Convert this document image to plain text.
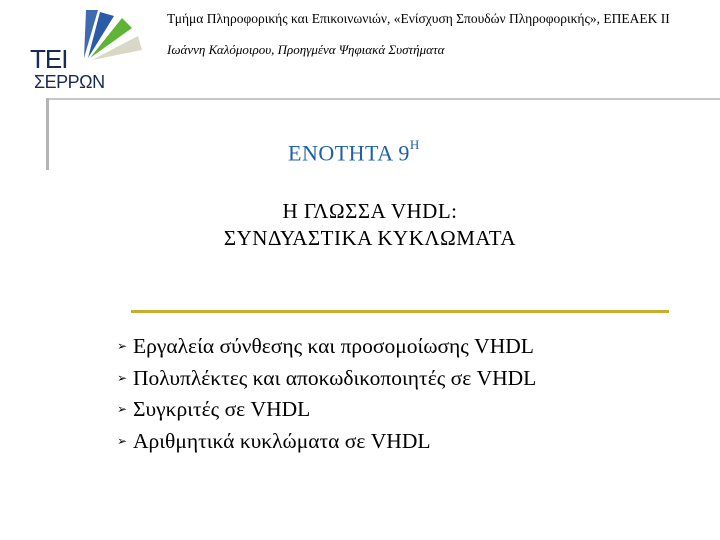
ΤΕΙ
ΣΕΡΡΩΝ
Τμήμα Πληροφορικής και Επικοινωνιών, «Ενίσχυση Σπουδών Πληροφορικής», ΕΠΕΑΕΚ ΙΙ
Ιωάννη Καλόμοιρου, Προηγμένα Ψηφιακά Συστήματα
ΕΝΟΤΗΤΑ $9^H$
Η ΓΛΩΣΣΑ VHDL:
ΣΥΝΔΥΑΣΤΙΚΑ ΚΥΚΛΩΜΑΤΑ
➢ Εργαλεία σύνθεσης και προσομοίωσης VHDL
➢ Πολυπλέκτες και αποκωδικοποιητές σε VHDL
➢ Συγκριτές σε VHDL
➢ Αριθμητικά κυκλώματα σε VHDL
